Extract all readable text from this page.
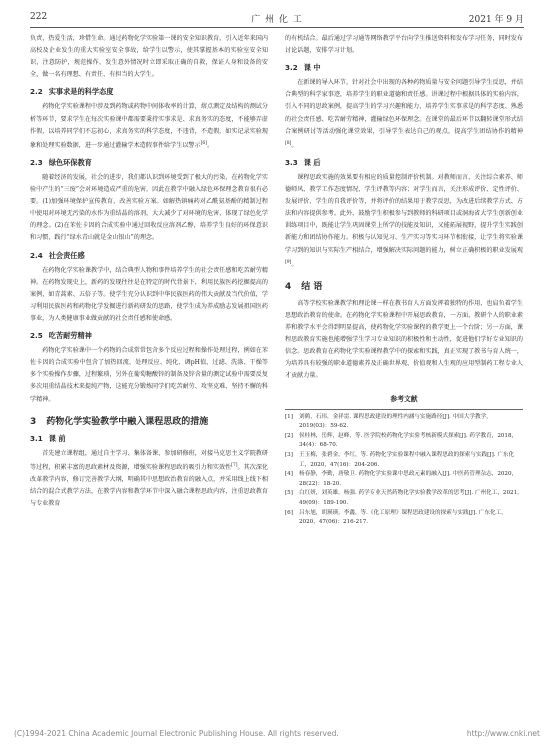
222	广 州 化 工	2021 年 9 月

负责，热爱生活，珍惜生命。通过药物化学实验第一课的安全知识教育，引入近年来国内高校及企业发生的重大实验室安全事故，给学生以警示，使其掌握基本的实验室安全知识，注意防护，规范操作，发生意外情况时立即采取正确的自救，保证人身和设备的安全，做一名有理想、有责任、有担当的大学生。

2.2 实事求是的科学态度

药物化学实验课程中涉及到药物或药物中间体收率的计算，熔点测定及结构的测试分析等环节，要求学生在每次实验课中都需要秉持实事求是、求真务实的态度，不能够弄虚作假，以培养同学们不忘初心，求真务实的科学态度，不违背，不造假，如实记录实验现象和处理实验数据，进一步通过灌输学术造假事件给学生以警示[6]。

2.3 绿色环保教育

随着经济的发展，社会的进步，我们都认识到环境受到了极大的污染，在药物化学实验中产生的“三废”会对环境造成严重的危害，因此在教学中融入绿色环保理念教育很有必要。(1)加强环境保护宣传教育，改善实验方案。如解热镇痛药对乙酰氨基酚的精制过程中使用对环境无污染的水作为重结晶的溶剂，大大减少了对环境的危害，体现了绿色化学的理念。(2)在苯佐卡因的合成实验中通过回收反应溶剂乙醇，培养学生良好的环保意识和习惯，践行“绿水青山就是金山银山”的理念。

2.4 社会责任感

在药物化学实验课教学中，结合典型人物和事件培养学生的社会责任感和吃苦耐劳精神。在药物发现史上，新药的发现往往是在特定的时代背景下，利用民族医药挖掘提高的案例，如青蒿素、五倍子等。使学生充分认识到中华民族医药的伟大贡献及当代价值，学习利用民族医药和药物化学发掘进行新药研发的思路，使学生成为养成励志发展祖国医药事业，为人类健康事业做贡献的社会责任感和使命感。

2.5 吃苦耐劳精神

药物化学实验课中一个药物的合成常常包含多个反应过程和操作处理过程，例如在苯佐卡因的合成实验中包含了加热回流、处理反应、纯化、调pH值、过滤、洗涤、干燥等多个实验操作步骤，过程繁琐，另外在葡萄糖酸锌的制备及锌含量的测定试验中需要反复多次用重结晶技术来提纯产物，这能充分锻炼同学们吃苦耐劳、攻坚克难、坚持不懈的科学精神。

3 药物化学实验教学中融入课程思政的措施
3.1 课 前

首先建立课程组，通过自主学习、集体备课、参加研修班，对接马克思主义学院教研等过程，积累丰富的思政素材及资源，增强实验课程思政的吸引力和实效性[7]。其次深化改革教学内容，修订完善教学大纲，明确其中思想政治教育的融入点，并采用线上线下相结合的混合式教学方法，在教学内容和教学环节中深入融合课程思政内容，注重思政教育与专业教育

的有机结合。最后通过学习通等网络教学平台向学生推送资料和发布学习任务，同时发布讨论话题，安排学习计划。

3.2 课 中

在新课的导入环节，针对社会中出现的各种药物质量与安全问题引导学生反思，并结合典型的科学家事迹，培养学生的职业道德和责任感。讲课过程中根据具体的实验内容，引入不同的思政案例，提高学生的学习兴趣和能力，培养学生实事求是的科学态度、熟悉的社会责任感、吃苦耐劳精神，灌输绿色环保理念。在课堂的最后环节以翻转课堂形式结合案例研讨等活动强化课堂效果，引导学生表达自己的观点，提高学生团结协作的精神[8]。

3.3 课 后

课程思政实施的效果要有相应的质量控制评价机制。对教师而言，关注综合素养、师德师风、教学工作态度情况、学生评教等内容；对学生而言，关注形成评价、定性评价、发展评价、学生的自我评价等，并将评价的结果用于教学反思，为改进后续教学方式、方法和内容提供参考。此外，鼓励学生积极参与到教师的科研项目或洞海省大学生创新创业训练项目中，既能让学生巩固课堂上所学的技能及知识，又能拓展视野，提升学生实践创新能力和团结协作能力。积极与认知见习、生产实习等实习环节相衔接，让学生将实验课学习到的知识与实际生产相结合，增强解决实际问题的能力，树立正确积极的职业发展观[9]。

4 结 语

高等学校实验课教学和理论课一样在教书育人方面发挥着独特的作用，也肩负着学生思想政治教育的使命。在药物化学实验课程中开展思政教育，一方面，教研个人的职业素养和教学水平会得到明显提高，使药物化学实验课程的教学更上一个台阶；另一方面，课程思政教育实施也能增强学生学习专业知识的积极性和主动性，促进他们学好专业知识的信念。思政教育在药物化学实验课程教学中的探索和实践，真正实现了教书与育人统一，为培养具有较强的职业道德素养及正确世界观、价值观和人生观的应用型制药工程专业人才贡献力量。

参考文献
[1]	刘鹤，石玮，金祥雷. 课程思政建设的理性内涵与实施路径[J]. 中国大学教学，2019(03)：59-62.
[2]	侯桂林，岳辉，赵峰，等. 医学院校药物化学实验考核新模式探索[J]. 药学教育，2018，34(4)：68-70.
[3]	王玉梅，张碧金，李红，等. 药物化学实验课程中融入课程思政的探索与实践[J]. 广东化工，2020，47(16)：204-206.
[4]	杨春静，李勤，唐敬卫. 药物化学实验课中思政元素的融入[J]. 中医药管理杂志，2020，28(22)：18-20.
[5]	白红妍，刘英雄，杨强. 药学专业天然药物化学实验教学改革的思考[J]. 广州化工，2021，49(09)：189-190.
[6]	吕东旭，胡瑛瑛，李鑫，等.《化工原理》课程思政建设的探索与实践[J]. 广东化工，2020，47(06)：216-217.
(C)1994-2021 China Academic Journal Electronic Publishing House. All rights reserved.	http://www.cnki.net
